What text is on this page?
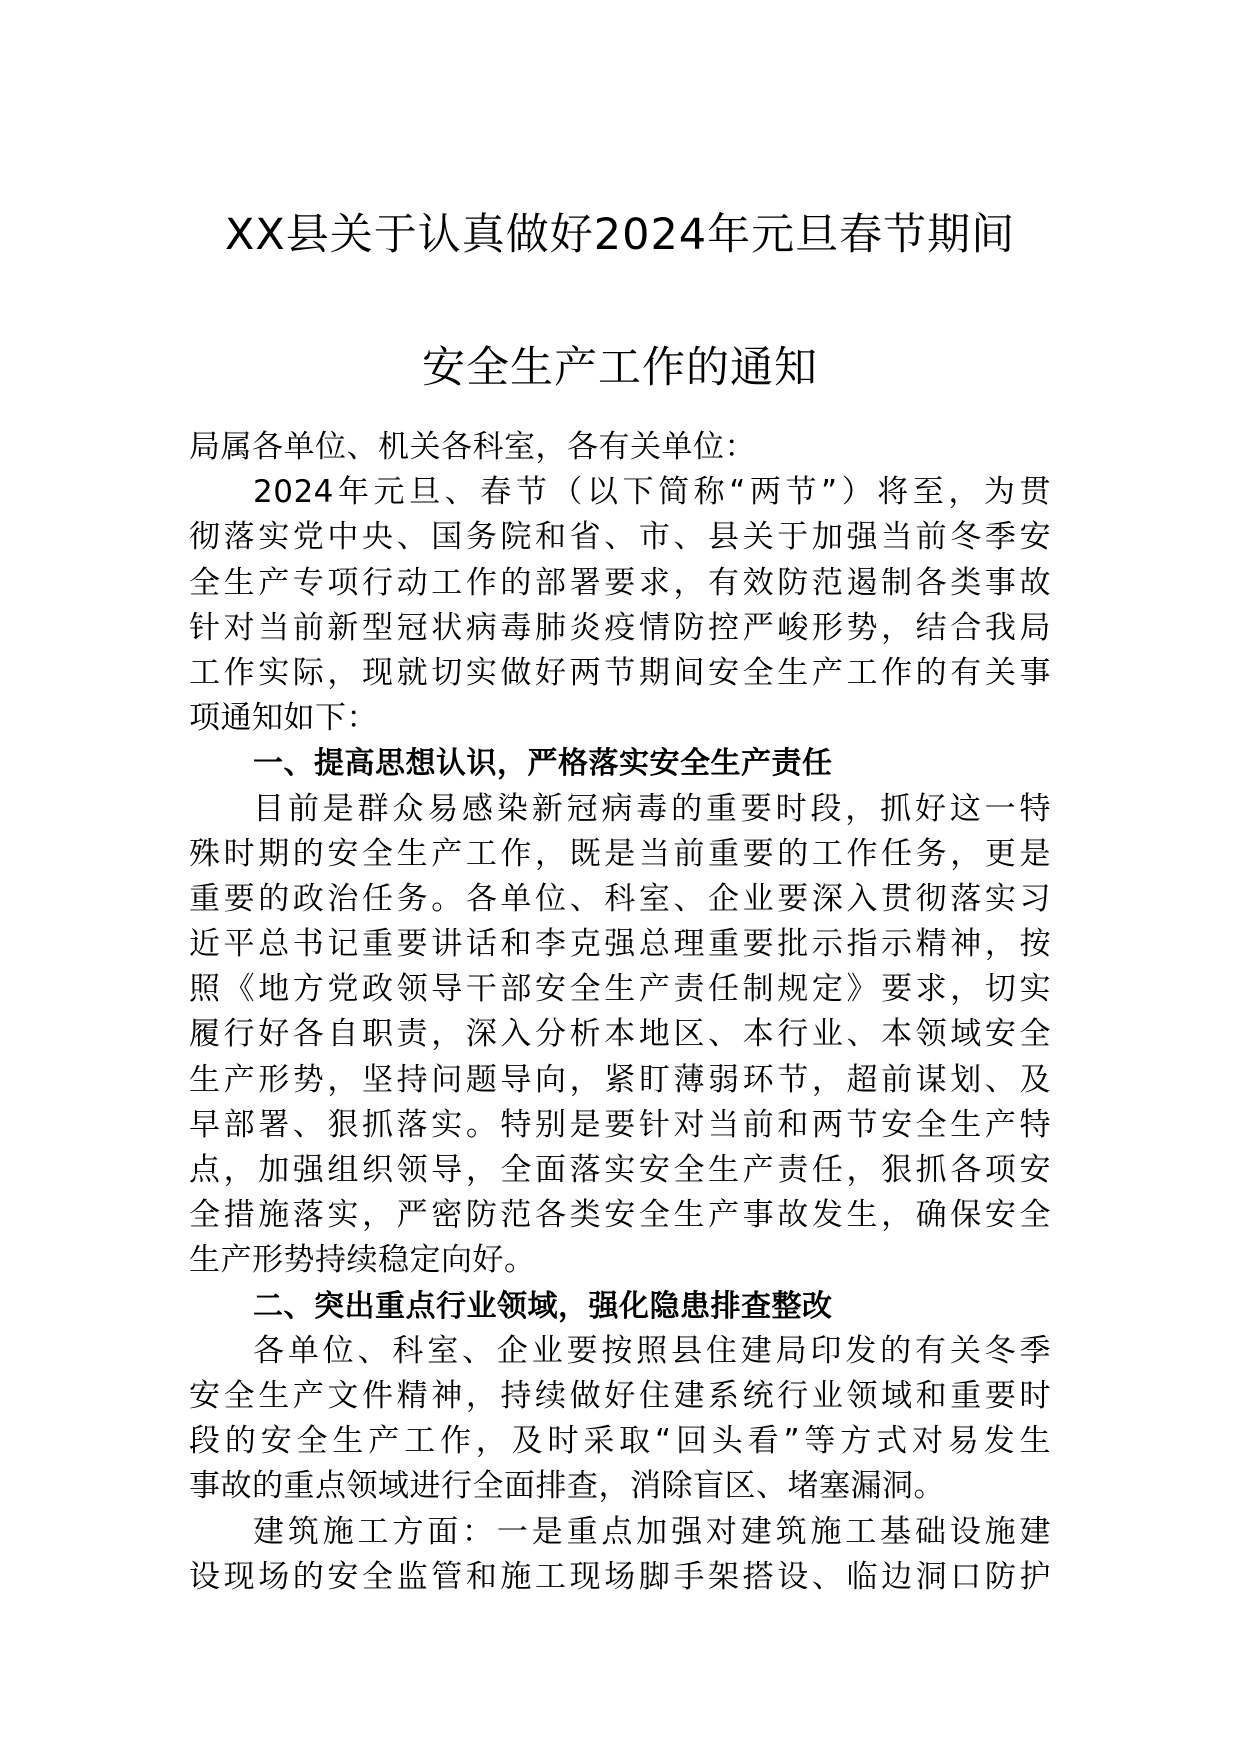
XX县关于认真做好2024年元旦春节期间
安全生产工作的通知
局属各单位、机关各科室，各有关单位：
2024年元旦、春节（以下简称“两节”）将至，为贯
彻落实党中央、国务院和省、市、县关于加强当前冬季安
全生产专项行动工作的部署要求，有效防范遏制各类事故
针对当前新型冠状病毒肺炎疫情防控严峻形势，结合我局
工作实际，现就切实做好两节期间安全生产工作的有关事
项通知如下：
一、提高思想认识，严格落实安全生产责任
目前是群众易感染新冠病毒的重要时段，抓好这一特
殊时期的安全生产工作，既是当前重要的工作任务，更是
重要的政治任务。各单位、科室、企业要深入贯彻落实习
近平总书记重要讲话和李克强总理重要批示指示精神，按
照《地方党政领导干部安全生产责任制规定》要求，切实
履行好各自职责，深入分析本地区、本行业、本领域安全
生产形势，坚持问题导向，紧盯薄弱环节，超前谋划、及
早部署、狠抓落实。特别是要针对当前和两节安全生产特
点，加强组织领导，全面落实安全生产责任，狠抓各项安
全措施落实，严密防范各类安全生产事故发生，确保安全
生产形势持续稳定向好。
二、突出重点行业领域，强化隐患排查整改
各单位、科室、企业要按照县住建局印发的有关冬季
安全生产文件精神，持续做好住建系统行业领域和重要时
段的安全生产工作，及时采取“回头看”等方式对易发生
事故的重点领域进行全面排查，消除盲区、堵塞漏洞。
建筑施工方面：一是重点加强对建筑施工基础设施建
设现场的安全监管和施工现场脚手架搭设、临边洞口防护
